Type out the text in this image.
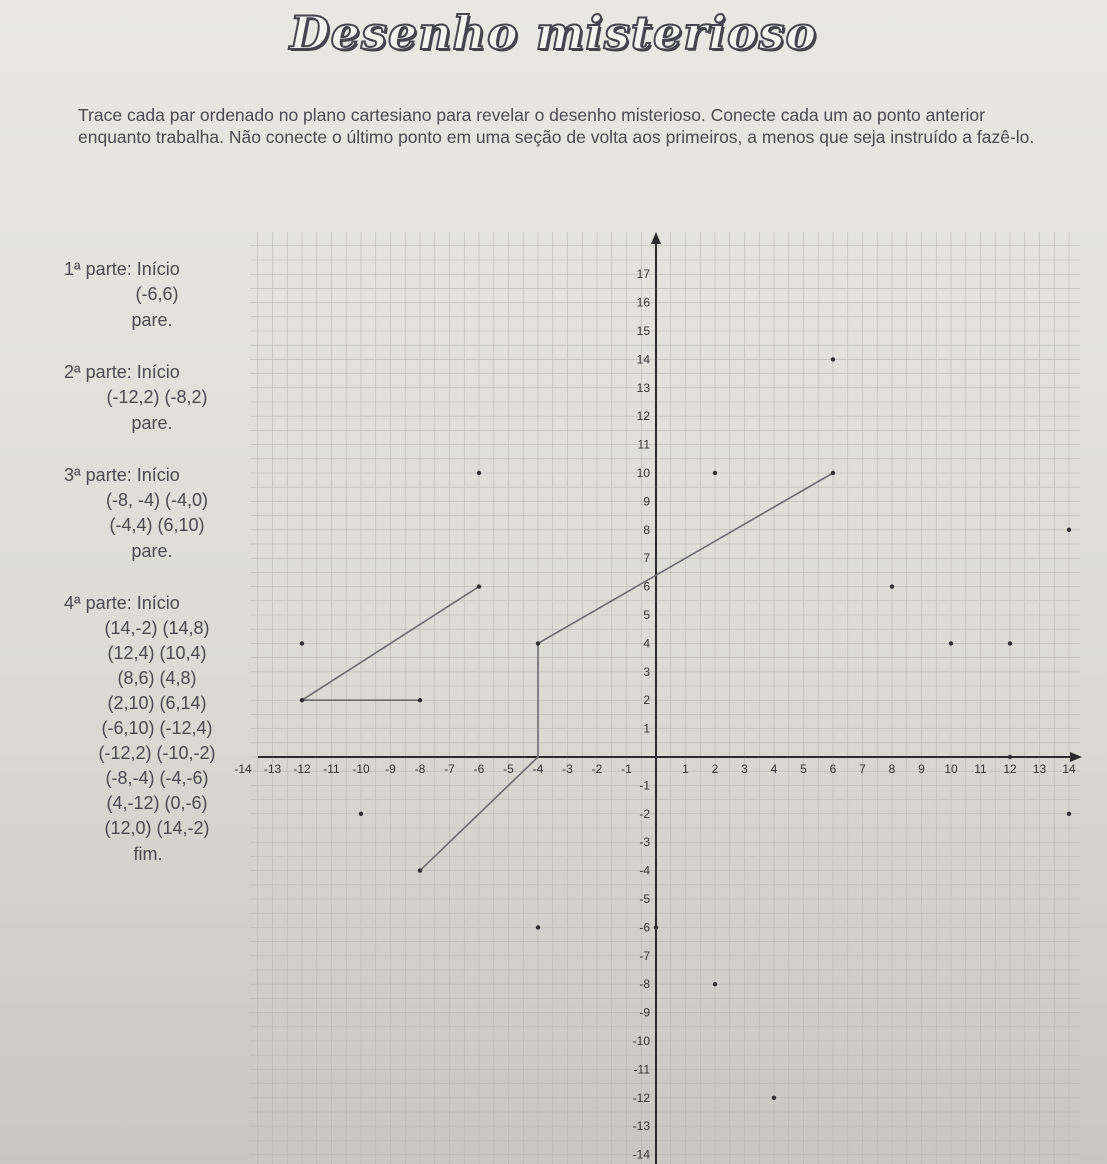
Desenho misterioso

Trace cada par ordenado no plano cartesiano para revelar o desenho misterioso. Conecte cada um ao ponto anterior enquanto trabalha. Não conecte o último ponto em uma seção de volta aos primeiros, a menos que seja instruído a fazê-lo.

1ª parte: Início
(-6,6)
pare.
2ª parte: Início
(-12,2) (-8,2)
pare.
3ª parte: Início
(-8, -4) (-4,0)
(-4,4) (6,10)
pare.
4ª parte: Início
(14,-2) (14,8)
(12,4) (10,4)
(8,6) (4,8)
(2,10) (6,14)
(-6,10) (-12,4)
(-12,2) (-10,-2)
(-8,-4) (-4,-6)
(4,-12) (0,-6)
(12,0) (14,-2)
fim.
-14 -13 -12 -11 -10 -9 -8 -7 -6 -5 -4 -3 -2 -1	1 2 3 4 5 6 7 8 9 10 11 12 13 14
17
16
15
14
13
12
11
10
9
8
7
6
5
4
3
2
1
-1
-2
-3
-4
-5
-6
-7
-8
-9
-10
-11
-12
-13
-14
